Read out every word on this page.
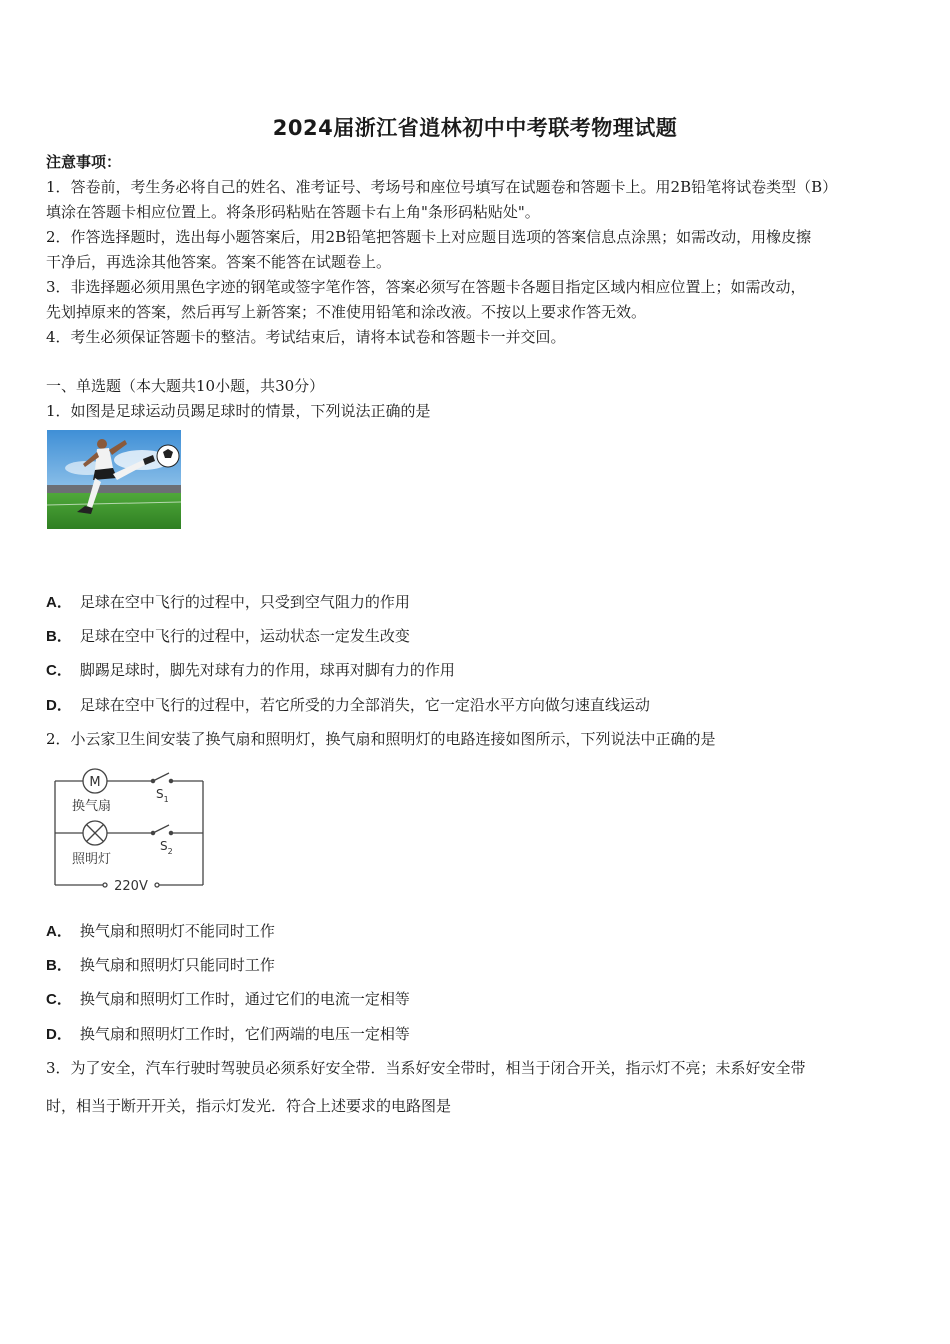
2024届浙江省逍林初中中考联考物理试题
注意事项：
1．答卷前，考生务必将自己的姓名、准考证号、考场号和座位号填写在试题卷和答题卡上。用2B铅笔将试卷类型（B）
填涂在答题卡相应位置上。将条形码粘贴在答题卡右上角"条形码粘贴处"。
2．作答选择题时，选出每小题答案后，用2B铅笔把答题卡上对应题目选项的答案信息点涂黑；如需改动，用橡皮擦
干净后，再选涂其他答案。答案不能答在试题卷上。
3．非选择题必须用黑色字迹的钢笔或签字笔作答，答案必须写在答题卡各题目指定区域内相应位置上；如需改动，
先划掉原来的答案，然后再写上新答案；不准使用铅笔和涂改液。不按以上要求作答无效。
4．考生必须保证答题卡的整洁。考试结束后，请将本试卷和答题卡一并交回。
一、单选题（本大题共10小题，共30分）
1．如图是足球运动员踢足球时的情景，下列说法正确的是
A． 足球在空中飞行的过程中，只受到空气阻力的作用
B． 足球在空中飞行的过程中，运动状态一定发生改变
C． 脚踢足球时，脚先对球有力的作用，球再对脚有力的作用
D． 足球在空中飞行的过程中，若它所受的力全部消失，它一定沿水平方向做匀速直线运动
2．小云家卫生间安装了换气扇和照明灯，换气扇和照明灯的电路连接如图所示，下列说法中正确的是
M
换气扇
照明灯
$S_1$
$S_2$
220V
A． 换气扇和照明灯不能同时工作
B． 换气扇和照明灯只能同时工作
C． 换气扇和照明灯工作时，通过它们的电流一定相等
D． 换气扇和照明灯工作时，它们两端的电压一定相等
3．为了安全，汽车行驶时驾驶员必须系好安全带．当系好安全带时，相当于闭合开关，指示灯不亮；未系好安全带
时，相当于断开开关，指示灯发光．符合上述要求的电路图是
